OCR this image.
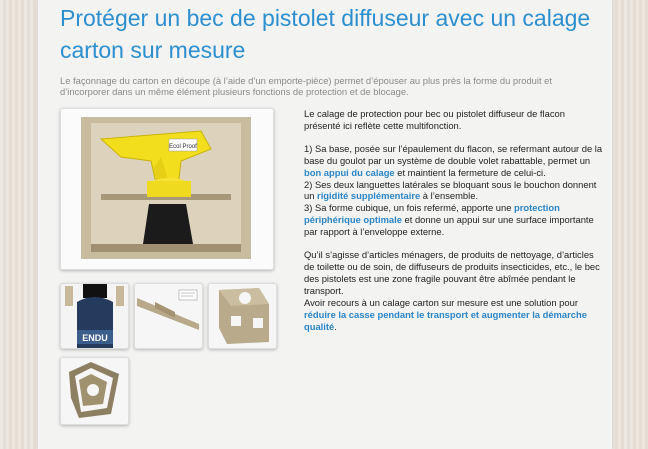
Protéger un bec de pistolet diffuseur avec un calage carton sur mesure

Le façonnage du carton en découpe (à l’aide d’un emporte-pièce) permet d’épouser au plus près la forme du produit et d’incorporer dans un même élément plusieurs fonctions de protection et de blocage.

Ecol Proof
ENDU

Le calage de protection pour bec ou pistolet diffuseur de flacon présenté ici reflète cette multifonction.

1) Sa base, posée sur l’épaulement du flacon, se refermant autour de la base du goulot par un système de double volet rabattable, permet un bon appui du calage et maintient la fermeture de celui-ci.

2) Ses deux languettes latérales se bloquant sous le bouchon donnent un rigidité supplémentaire à l’ensemble.

3) Sa forme cubique, un fois refermé, apporte une protection périphérique optimale et donne un appui sur une surface importante par rapport à l’enveloppe externe.

Qu’il s’agisse d’articles ménagers, de produits de nettoyage, d’articles de toilette ou de soin, de diffuseurs de produits insecticides, etc., le bec des pistolets est une zone fragile pouvant être abîmée pendant le transport.

Avoir recours à un calage carton sur mesure est une solution pour réduire la casse pendant le transport et augmenter la démarche qualité.
